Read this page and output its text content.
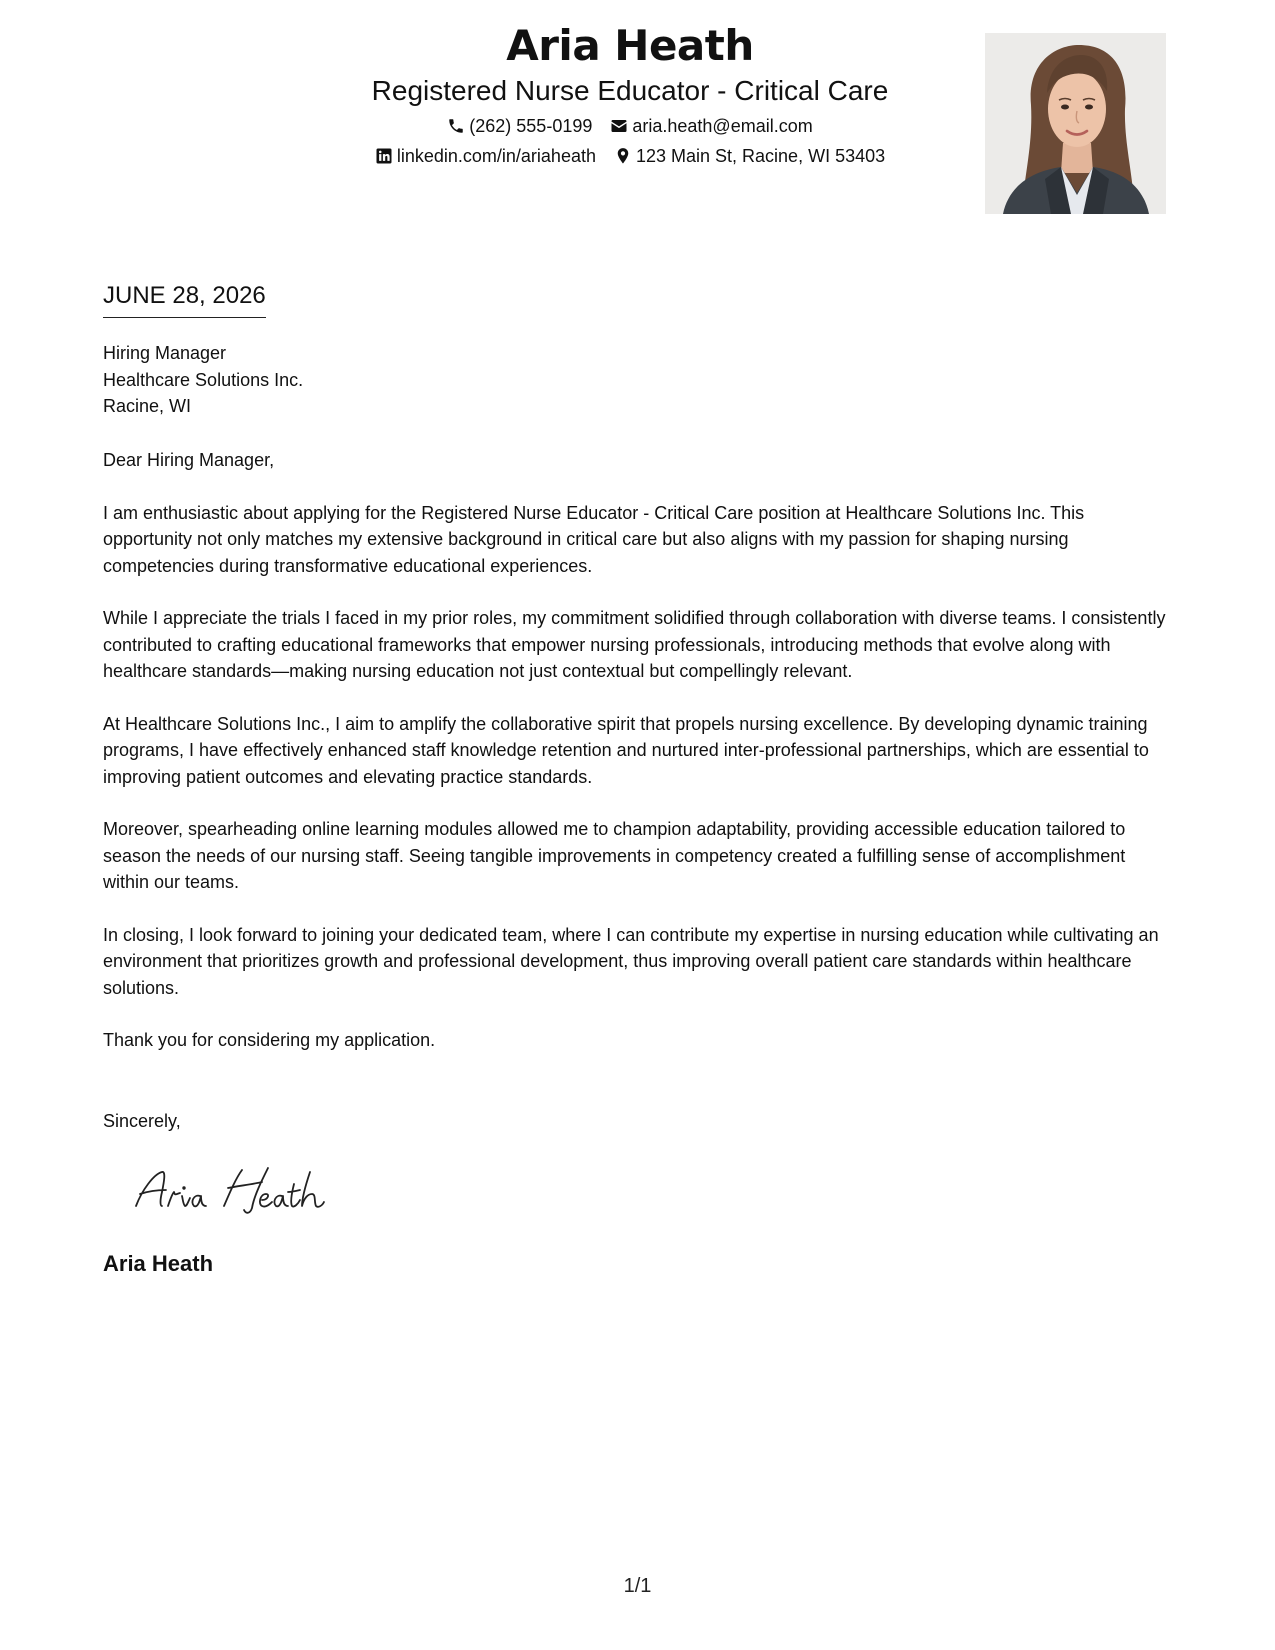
Aria Heath
Registered Nurse Educator - Critical Care
(262) 555-0199 aria.heath@email.com
linkedin.com/in/ariaheath 123 Main St, Racine, WI 53403
JUNE 28, 2026
Hiring Manager
Healthcare Solutions Inc.
Racine, WI

Dear Hiring Manager,

I am enthusiastic about applying for the Registered Nurse Educator - Critical Care position at Healthcare Solutions Inc. This opportunity not only matches my extensive background in critical care but also aligns with my passion for shaping nursing competencies during transformative educational experiences.

While I appreciate the trials I faced in my prior roles, my commitment solidified through collaboration with diverse teams. I consistently contributed to crafting educational frameworks that empower nursing professionals, introducing methods that evolve along with healthcare standards—making nursing education not just contextual but compellingly relevant.

At Healthcare Solutions Inc., I aim to amplify the collaborative spirit that propels nursing excellence. By developing dynamic training programs, I have effectively enhanced staff knowledge retention and nurtured inter-professional partnerships, which are essential to improving patient outcomes and elevating practice standards.

Moreover, spearheading online learning modules allowed me to champion adaptability, providing accessible education tailored to season the needs of our nursing staff. Seeing tangible improvements in competency created a fulfilling sense of accomplishment within our teams.

In closing, I look forward to joining your dedicated team, where I can contribute my expertise in nursing education while cultivating an environment that prioritizes growth and professional development, thus improving overall patient care standards within healthcare solutions.

Thank you for considering my application.

Sincerely,
Aria Heath
1/1
